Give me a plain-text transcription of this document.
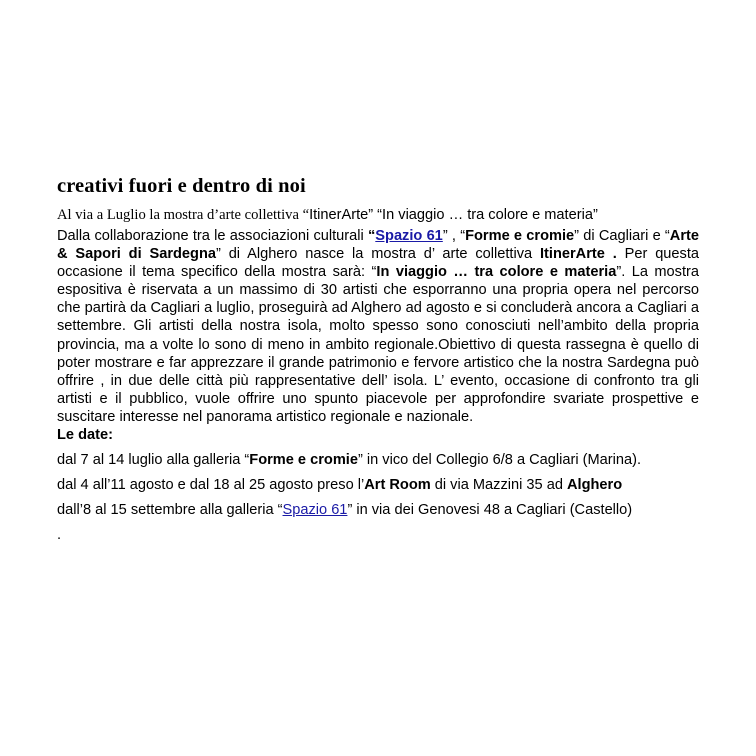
creativi fuori e dentro di noi
Al via a Luglio la mostra d’arte collettiva “ItinerArte” “In viaggio … tra colore e materia”

Dalla collaborazione tra le associazioni culturali “Spazio 61” , “Forme e cromie” di Cagliari e “Arte & Sapori di Sardegna” di Alghero nasce la mostra d’ arte collettiva ItinerArte . Per questa occasione il tema specifico della mostra sarà: “In viaggio … tra colore e materia”. La mostra espositiva è riservata a un massimo di 30 artisti che esporranno una propria opera nel percorso che partirà da Cagliari a luglio, proseguirà ad Alghero ad agosto e si concluderà ancora a Cagliari a settembre. Gli artisti della nostra isola, molto spesso sono conosciuti nell’ambito della propria provincia, ma a volte lo sono di meno in ambito regionale.Obiettivo di questa rassegna è quello di poter mostrare e far apprezzare il grande patrimonio e fervore artistico che la nostra Sardegna può offrire , in due delle città più rappresentative dell’ isola. L’ evento, occasione di confronto tra gli artisti e il pubblico, vuole offrire uno spunto piacevole per approfondire svariate prospettive e suscitare interesse nel panorama artistico regionale e nazionale.

Le date:
dal 7 al 14 luglio alla galleria “Forme e cromie” in vico del Collegio 6/8 a Cagliari (Marina).
dal 4 all’11 agosto e dal 18 al 25 agosto preso l’Art Room di via Mazzini 35 ad Alghero
dall’8 al 15 settembre alla galleria “Spazio 61” in via dei Genovesi 48 a Cagliari (Castello)
.
